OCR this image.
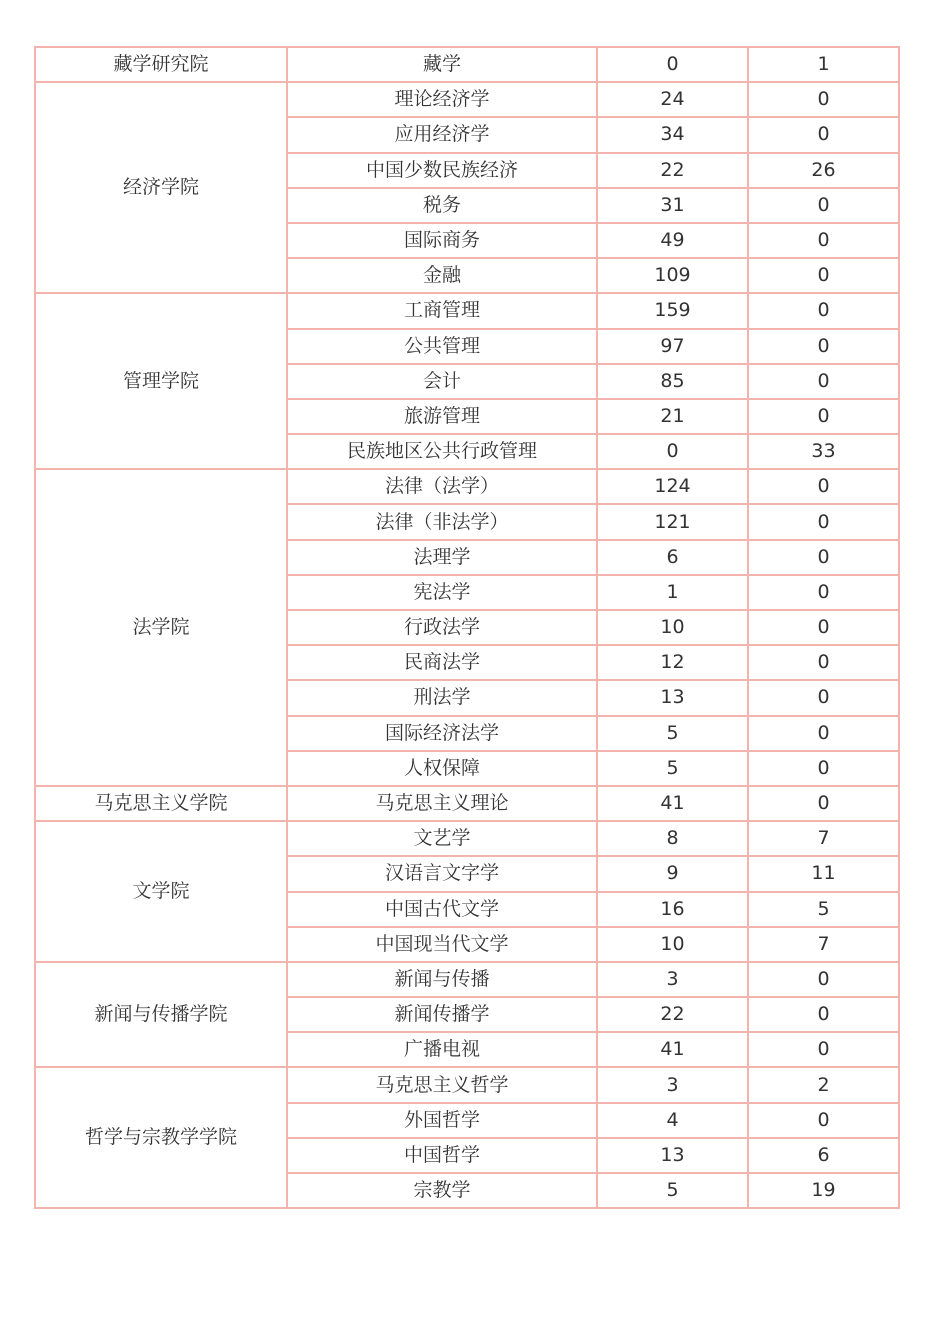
藏学研究院	藏学	0	1
经济学院	理论经济学	24	0
	应用经济学	34	0
	中国少数民族经济	22	26
	税务	31	0
	国际商务	49	0
	金融	109	0
管理学院	工商管理	159	0
	公共管理	97	0
	会计	85	0
	旅游管理	21	0
	民族地区公共行政管理	0	33
法学院	法律（法学）	124	0
	法律（非法学）	121	0
	法理学	6	0
	宪法学	1	0
	行政法学	10	0
	民商法学	12	0
	刑法学	13	0
	国际经济法学	5	0
	人权保障	5	0
马克思主义学院	马克思主义理论	41	0
文学院	文艺学	8	7
	汉语言文字学	9	11
	中国古代文学	16	5
	中国现当代文学	10	7
新闻与传播学院	新闻与传播	3	0
	新闻传播学	22	0
	广播电视	41	0
哲学与宗教学学院	马克思主义哲学	3	2
	外国哲学	4	0
	中国哲学	13	6
	宗教学	5	19
